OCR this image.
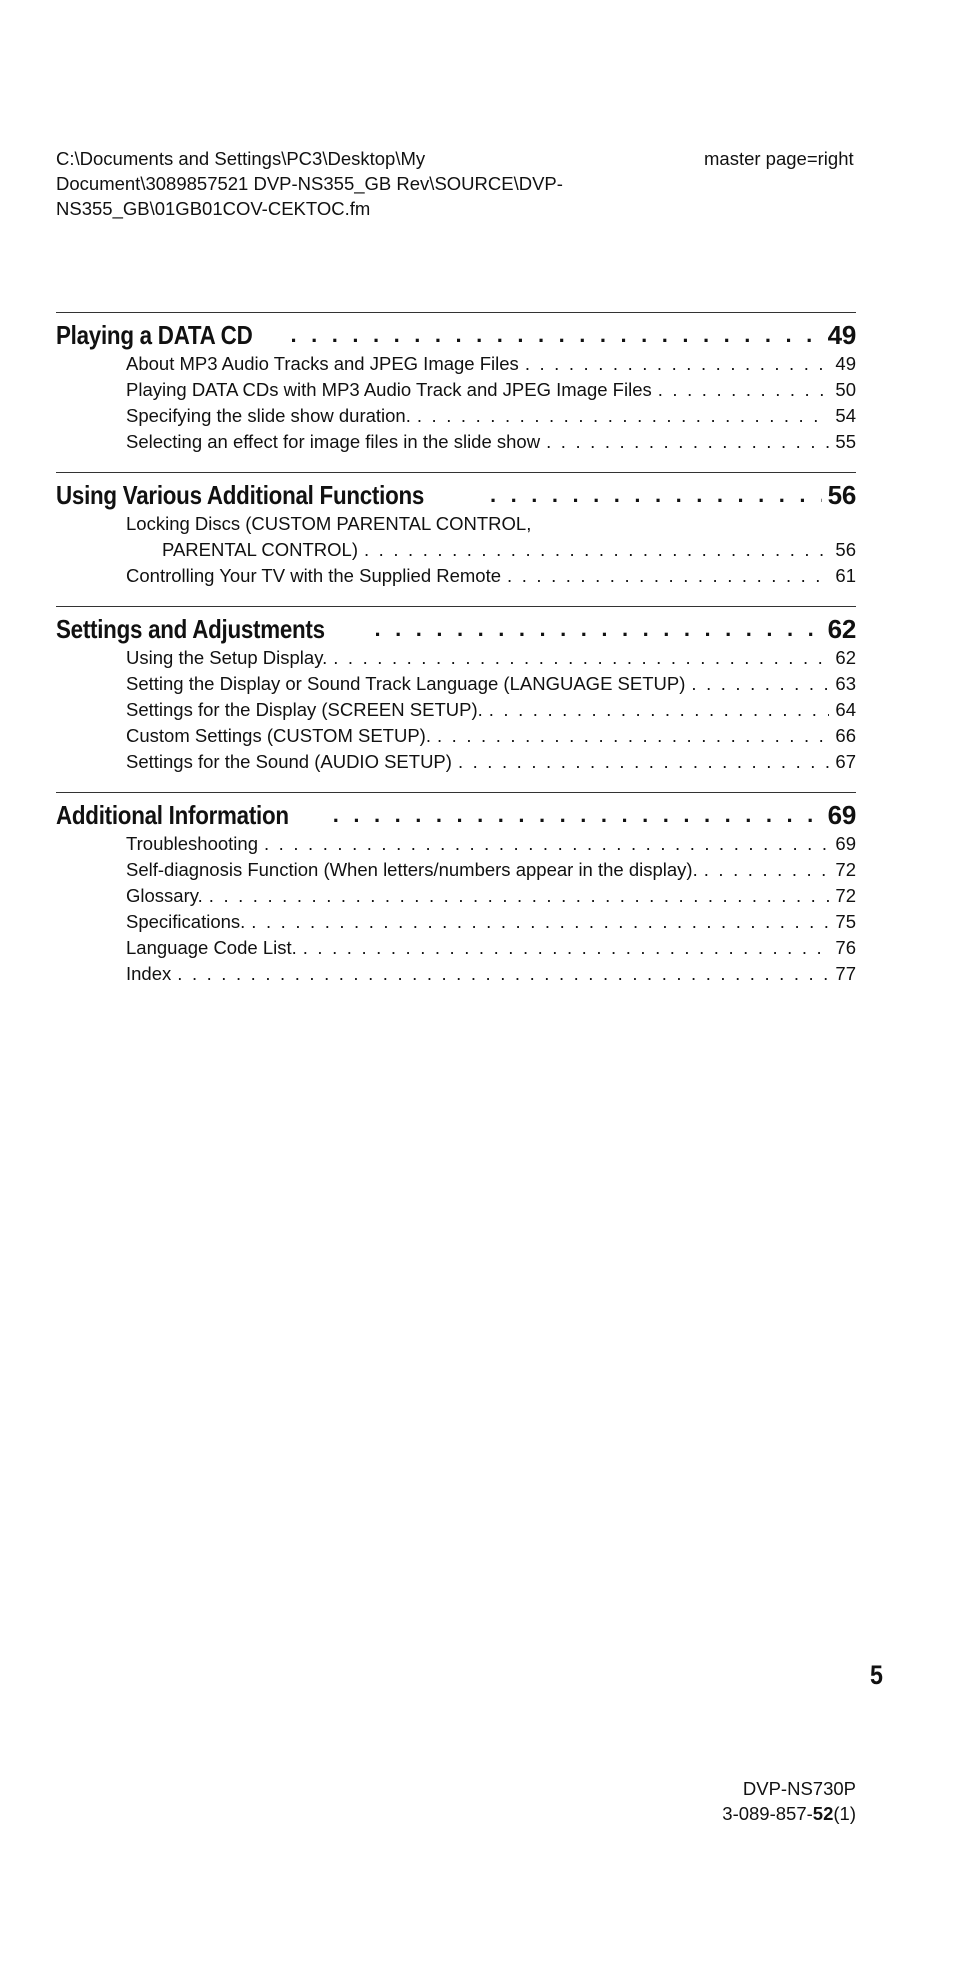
C:\Documents and Settings\PC3\Desktop\My
Document\3089857521 DVP-NS355_GB Rev\SOURCE\DVP-
NS355_GB\01GB01COV-CEKTOC.fm
master page=right
Playing a DATA CD . . .	49
About MP3 Audio Tracks and JPEG Image Files . . .	49
Playing DATA CDs with MP3 Audio Track and JPEG Image Files . . .	50
Specifying the slide show duration. . . .	54
Selecting an effect for image files in the slide show . . .	55
Using Various Additional Functions . . .	56
Locking Discs (CUSTOM PARENTAL CONTROL,
PARENTAL CONTROL) . . .	56
Controlling Your TV with the Supplied Remote . . .	61
Settings and Adjustments . . .	62
Using the Setup Display. . . .	62
Setting the Display or Sound Track Language (LANGUAGE SETUP) . . .	63
Settings for the Display (SCREEN SETUP). . . .	64
Custom Settings (CUSTOM SETUP). . . .	66
Settings for the Sound (AUDIO SETUP) . . .	67
Additional Information . . .	69
Troubleshooting . . .	69
Self-diagnosis Function (When letters/numbers appear in the display). . . .	72
Glossary. . . .	72
Specifications. . . .	75
Language Code List. . . .	76
Index . . .	77
5
DVP-NS730P
3-089-857-52(1)
